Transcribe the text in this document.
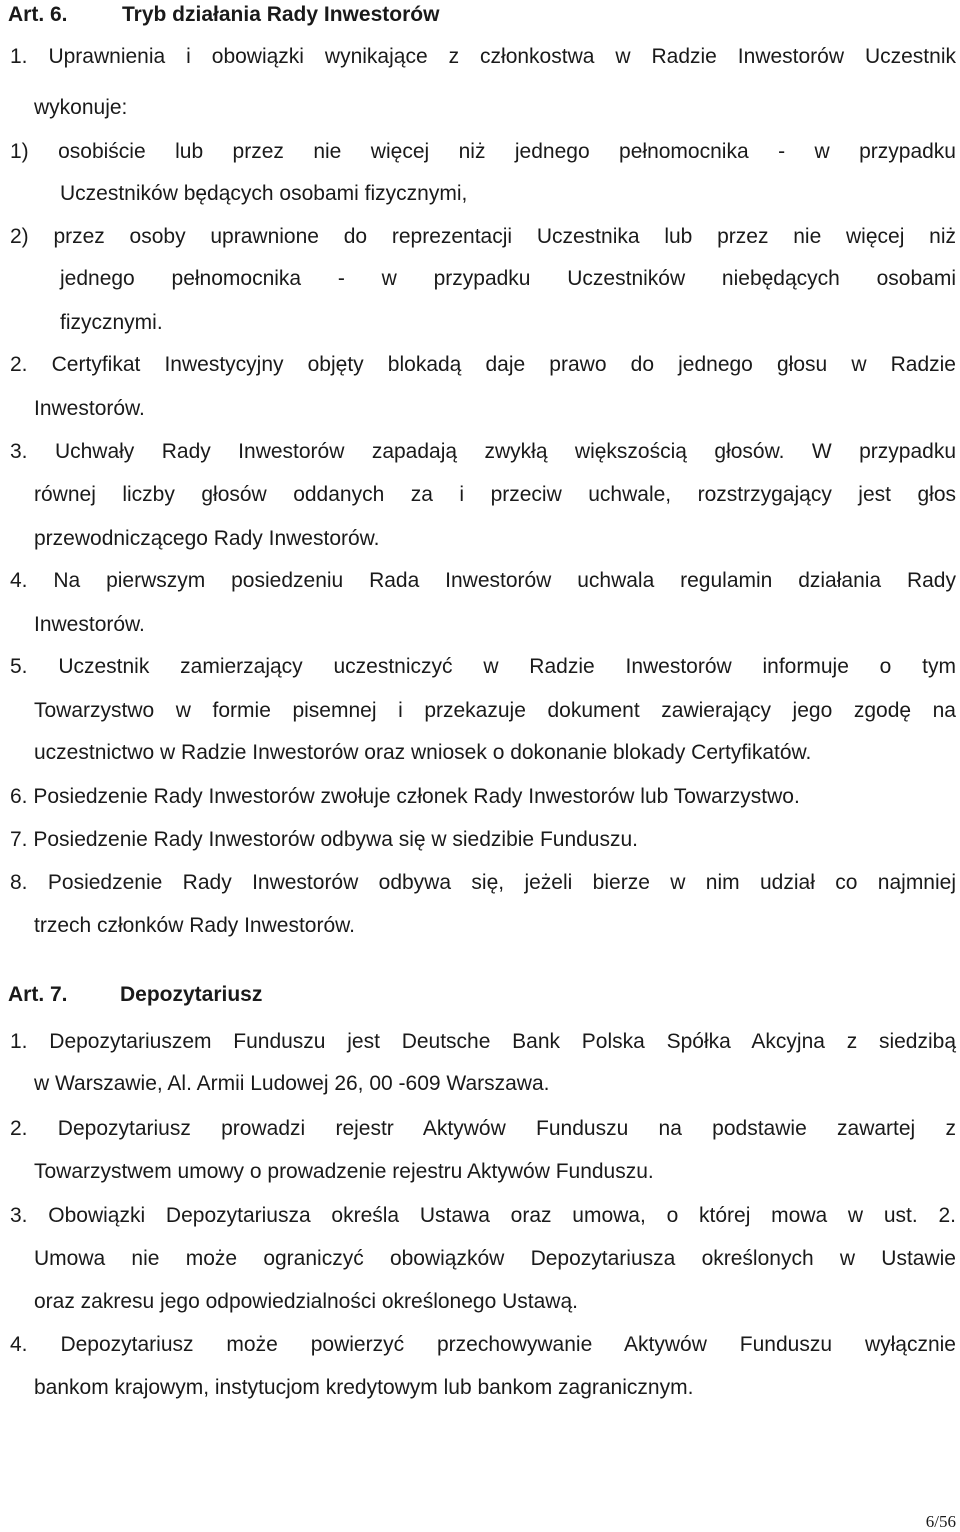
Art. 6.	Tryb działania Rady Inwestorów
1. Uprawnienia i obowiązki wynikające z członkostwa w Radzie Inwestorów Uczestnik
wykonuje:
1) osobiście lub przez nie więcej niż jednego pełnomocnika - w przypadku
Uczestników będących osobami fizycznymi,
2) przez osoby uprawnione do reprezentacji Uczestnika lub przez nie więcej niż
jednego pełnomocnika - w przypadku Uczestników niebędących osobami
fizycznymi.
2. Certyfikat Inwestycyjny objęty blokadą daje prawo do jednego głosu w Radzie
Inwestorów.
3. Uchwały Rady Inwestorów zapadają zwykłą większością głosów. W przypadku
równej liczby głosów oddanych za i przeciw uchwale, rozstrzygający jest głos
przewodniczącego Rady Inwestorów.
4. Na pierwszym posiedzeniu Rada Inwestorów uchwala regulamin działania Rady
Inwestorów.
5. Uczestnik zamierzający uczestniczyć w Radzie Inwestorów informuje o tym
Towarzystwo w formie pisemnej i przekazuje dokument zawierający jego zgodę na
uczestnictwo w Radzie Inwestorów oraz wniosek o dokonanie blokady Certyfikatów.
6. Posiedzenie Rady Inwestorów zwołuje członek Rady Inwestorów lub Towarzystwo.
7. Posiedzenie Rady Inwestorów odbywa się w siedzibie Funduszu.
8. Posiedzenie Rady Inwestorów odbywa się, jeżeli bierze w nim udział co najmniej
trzech członków Rady Inwestorów.
Art. 7. Depozytariusz
1. Depozytariuszem Funduszu jest Deutsche Bank Polska Spółka Akcyjna z siedzibą
w Warszawie, Al. Armii Ludowej 26, 00 -609 Warszawa.
2. Depozytariusz prowadzi rejestr Aktywów Funduszu na podstawie zawartej z
Towarzystwem umowy o prowadzenie rejestru Aktywów Funduszu.
3. Obowiązki Depozytariusza określa Ustawa oraz umowa, o której mowa w ust. 2.
Umowa nie może ograniczyć obowiązków Depozytariusza określonych w Ustawie
oraz zakresu jego odpowiedzialności określonego Ustawą.
4. Depozytariusz może powierzyć przechowywanie Aktywów Funduszu wyłącznie
bankom krajowym, instytucjom kredytowym lub bankom zagranicznym.
6/56
